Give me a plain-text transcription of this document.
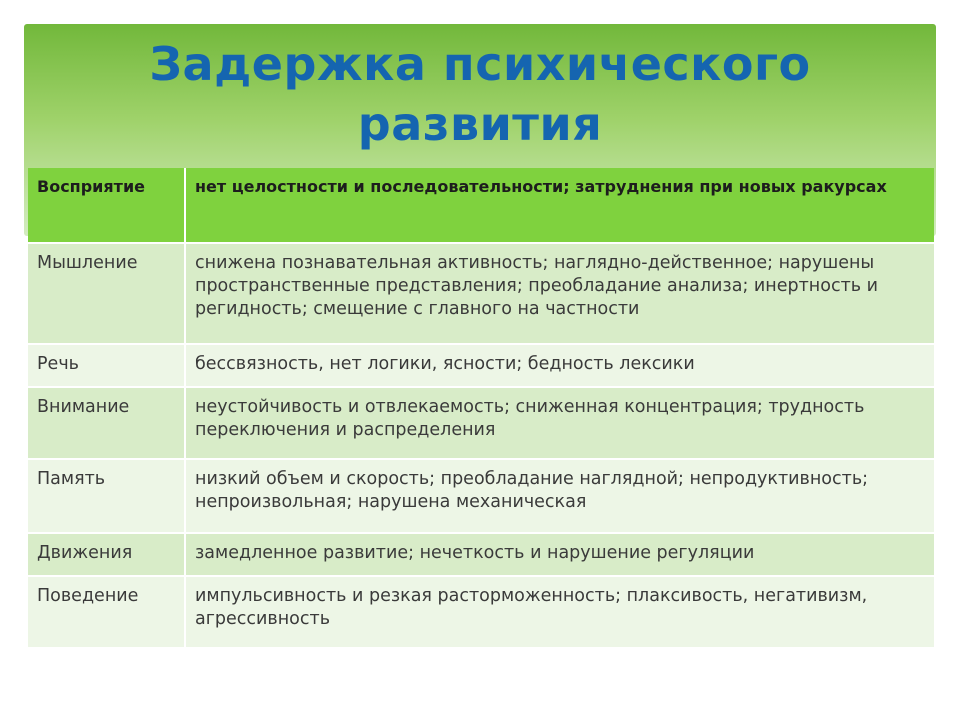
Задержка психического
развития
Восприятие	нет целостности и последовательности; затруднения при новых ракурсах
Мышление	снижена познавательная активность; наглядно-действенное; нарушены пространственные представления; преобладание анализа; инертность и регидность; смещение с главного на частности
Речь	бессвязность, нет логики, ясности; бедность лексики
Внимание	неустойчивость и отвлекаемость; сниженная концентрация; трудность переключения и распределения
Память	низкий объем и скорость; преобладание наглядной; непродуктивность; непроизвольная; нарушена механическая
Движения	замедленное развитие; нечеткость и нарушение регуляции
Поведение	импульсивность и резкая расторможенность; плаксивость, негативизм, агрессивность
